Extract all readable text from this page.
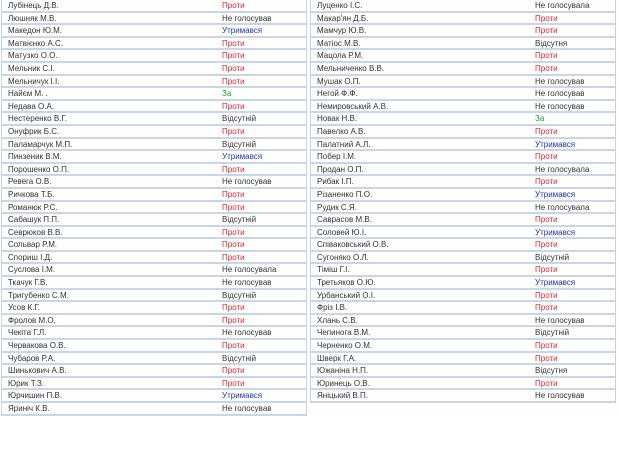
Лубінець Д.В.	Проти
Люшняк М.В.	Не голосував
Македон Ю.М.	Утримався
Матвієнко А.С.	Проти
Матузко О.О.	Проти
Мельник С.І.	Проти
Мельничук І.І.	Проти
Найєм М. .	За
Недава О.А.	Проти
Нестеренко В.Г.	Відсутній
Онуфрик Б.С.	Проти
Паламарчук М.П.	Відсутній
Пинзеник В.М.	Утримався
Порошенко О.П.	Проти
Ревега О.В.	Не голосував
Ричкова Т.Б.	Проти
Романюк Р.С.	Проти
Сабашук П.П.	Відсутній
Севрюков В.В.	Проти
Сольвар Р.М.	Проти
Спориш І.Д.	Проти
Суслова І.М.	Не голосувала
Ткачук Г.В.	Не голосував
Тригубенко С.М.	Відсутній
Усов К.Г.	Проти
Фролов М.О.	Проти
Чекіта Г.Л.	Не голосував
Червакова О.В.	Проти
Чубаров Р.А.	Відсутній
Шинькович А.В.	Проти
Юрик Т.З.	Проти
Юрчишин П.В.	Утримався
Яриніч К.В.	Не голосував
Луценко І.С.	Не голосувала
Макар'ян Д.Б.	Проти
Мамчур Ю.В.	Проти
Матіос М.В.	Відсутня
Мацола Р.М.	Проти
Мельниченко В.В.	Проти
Мушак О.П.	Не голосував
Негой Ф.Ф.	Не голосував
Немировський А.В.	Не голосував
Новак Н.В.	За
Павелко А.В.	Проти
Палатний А.Л.	Утримався
Побер І.М.	Проти
Продан О.П.	Не голосувала
Рибак І.П.	Проти
Різаненко П.О.	Утримався
Рудик С.Я.	Не голосувала
Саврасов М.В.	Проти
Соловей Ю.І.	Утримався
Співаковський О.В.	Проти
Сугоняко О.Л.	Відсутній
Тіміш Г.І.	Проти
Третьяков О.Ю.	Утримався
Урбанський О.І.	Проти
Фріз І.В.	Проти
Хлань С.В.	Не голосував
Чепинога В.М.	Відсутній
Черненко О.М.	Проти
Шверк Г.А.	Проти
Южаніна Н.П.	Відсутня
Юринець О.В.	Проти
Яніцький В.П.	Не голосував
